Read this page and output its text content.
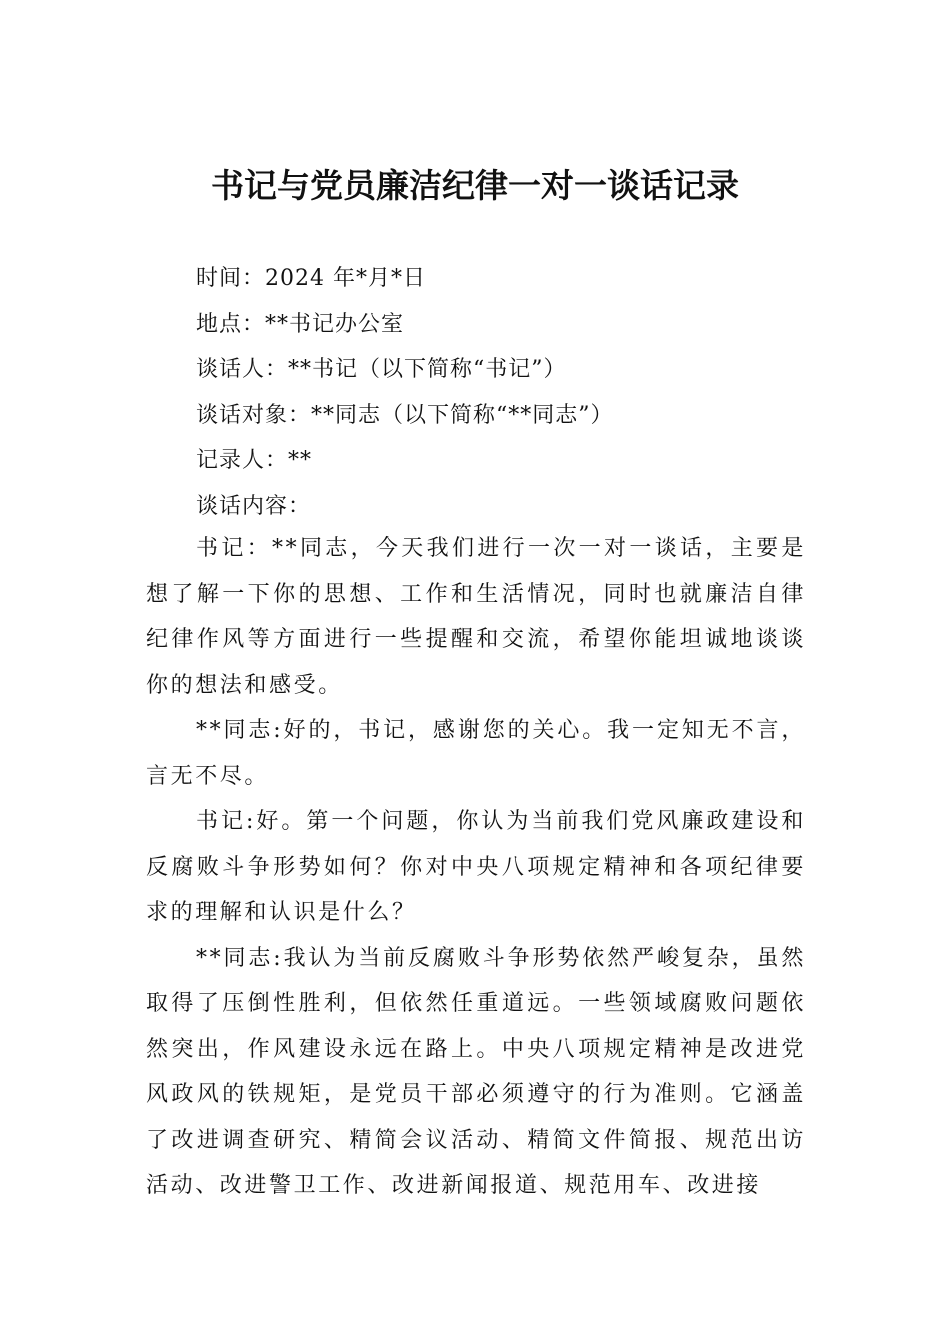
书记与党员廉洁纪律一对一谈话记录
时间：2024 年*月*日
地点：**书记办公室
谈话人：**书记（以下简称“书记”）
谈话对象：**同志（以下简称“**同志”）
记录人：**
谈话内容：

书记：**同志，今天我们进行一次一对一谈话，主要是想了解一下你的思想、工作和生活情况，同时也就廉洁自律纪律作风等方面进行一些提醒和交流，希望你能坦诚地谈谈你的想法和感受。

**同志:好的，书记，感谢您的关心。我一定知无不言，言无不尽。

书记:好。第一个问题，你认为当前我们党风廉政建设和反腐败斗争形势如何？你对中央八项规定精神和各项纪律要求的理解和认识是什么？

**同志:我认为当前反腐败斗争形势依然严峻复杂，虽然取得了压倒性胜利，但依然任重道远。一些领域腐败问题依然突出，作风建设永远在路上。中央八项规定精神是改进党风政风的铁规矩，是党员干部必须遵守的行为准则。它涵盖了改进调查研究、精简会议活动、精简文件简报、规范出访活动、改进警卫工作、改进新闻报道、规范用车、改进接
